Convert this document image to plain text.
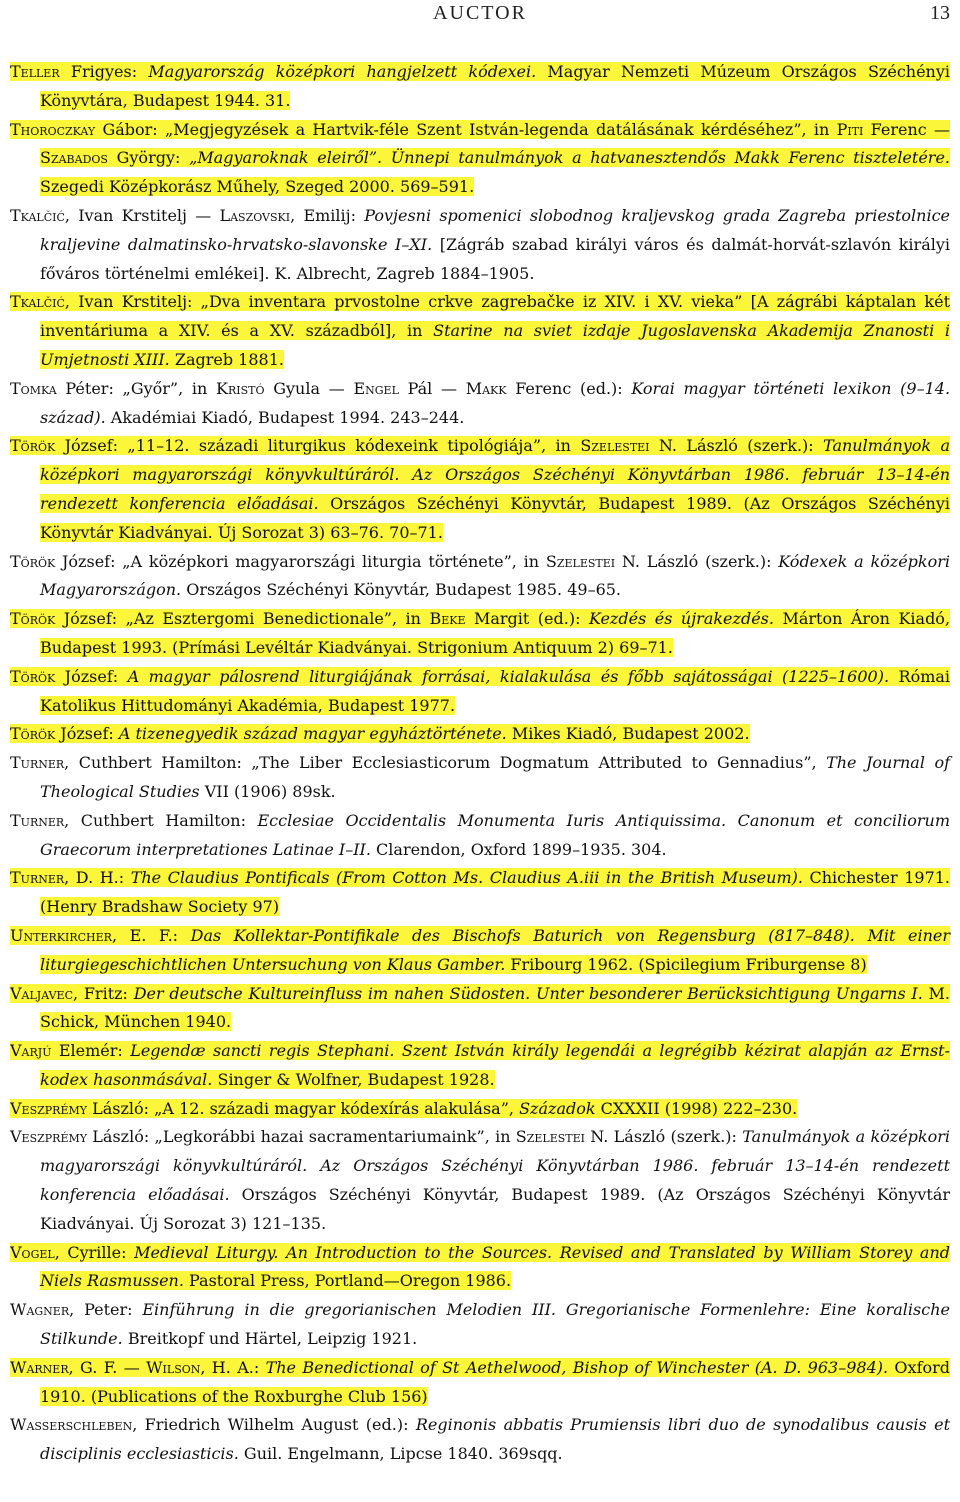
AUCTOR	13

Teller Frigyes: Magyarország középkori hangjelzett kódexei. Magyar Nemzeti Múzeum Országos Széchényi Könyvtára, Budapest 1944. 31.

Thoroczkay Gábor: „Megjegyzések a Hartvik-féle Szent István-legenda datálásának kérdéséhez”, in Piti Ferenc — Szabados György: „Magyaroknak eleiről”. Ünnepi tanulmányok a hatvanesztendős Makk Ferenc tiszteletére. Szegedi Középkorász Műhely, Szeged 2000. 569–591.

Tkalčić, Ivan Krstitelj — Laszovski, Emilij: Povjesni spomenici slobodnog kraljevskog grada Zagreba priestolnice kraljevine dalmatinsko-hrvatsko-slavonske I–XI. [Zágráb szabad királyi város és dalmát-horvát-szlavón királyi főváros történelmi emlékei]. K. Albrecht, Zagreb 1884–1905.

Tkalčić, Ivan Krstitelj: „Dva inventara prvostolne crkve zagrebačke iz XIV. i XV. vieka” [A zágrábi káptalan két inventáriuma a XIV. és a XV. századból], in Starine na sviet izdaje Jugoslavenska Akademija Znanosti i Umjetnosti XIII. Zagreb 1881.

Tomka Péter: „Győr”, in Kristó Gyula — Engel Pál — Makk Ferenc (ed.): Korai magyar történeti lexikon (9–14. század). Akadémiai Kiadó, Budapest 1994. 243–244.

Török József: „11–12. századi liturgikus kódexeink tipológiája”, in Szelestei N. László (szerk.): Tanulmányok a középkori magyarországi könyvkultúráról. Az Országos Széchényi Könyvtárban 1986. február 13–14-én rendezett konferencia előadásai. Országos Széchényi Könyvtár, Budapest 1989. (Az Országos Széchényi Könyvtár Kiadványai. Új Sorozat 3) 63–76. 70–71.

Török József: „A középkori magyarországi liturgia története”, in Szelestei N. László (szerk.): Kódexek a középkori Magyarországon. Országos Széchényi Könyvtár, Budapest 1985. 49–65.

Török József: „Az Esztergomi Benedictionale”, in Beke Margit (ed.): Kezdés és újrakezdés. Márton Áron Kiadó, Budapest 1993. (Prímási Levéltár Kiadványai. Strigonium Antiquum 2) 69–71.

Török József: A magyar pálosrend liturgiájának forrásai, kialakulása és főbb sajátosságai (1225–1600). Római Katolikus Hittudományi Akadémia, Budapest 1977.

Török József: A tizenegyedik század magyar egyháztörténete. Mikes Kiadó, Budapest 2002.

Turner, Cuthbert Hamilton: „The Liber Ecclesiasticorum Dogmatum Attributed to Gennadius”, The Journal of Theological Studies VII (1906) 89sk.

Turner, Cuthbert Hamilton: Ecclesiae Occidentalis Monumenta Iuris Antiquissima. Canonum et conciliorum Graecorum interpretationes Latinae I–II. Clarendon, Oxford 1899–1935. 304.

Turner, D. H.: The Claudius Pontificals (From Cotton Ms. Claudius A.iii in the British Museum). Chichester 1971. (Henry Bradshaw Society 97)

Unterkircher, E. F.: Das Kollektar-Pontifikale des Bischofs Baturich von Regensburg (817–848). Mit einer liturgiegeschichtlichen Untersuchung von Klaus Gamber. Fribourg 1962. (Spicilegium Friburgense 8)

Valjavec, Fritz: Der deutsche Kultureinfluss im nahen Südosten. Unter besonderer Berücksichtigung Ungarns I. M. Schick, München 1940.

Varjú Elemér: Legendæ sancti regis Stephani. Szent István király legendái a legrégibb kézirat alapján az Ernst-kodex hasonmásával. Singer & Wolfner, Budapest 1928.

Veszprémy László: „A 12. századi magyar kódexírás alakulása”, Századok CXXXII (1998) 222–230.

Veszprémy László: „Legkorábbi hazai sacramentariumaink”, in Szelestei N. László (szerk.): Tanulmányok a középkori magyarországi könyvkultúráról. Az Országos Széchényi Könyvtárban 1986. február 13–14-én rendezett konferencia előadásai. Országos Széchényi Könyvtár, Budapest 1989. (Az Országos Széchényi Könyvtár Kiadványai. Új Sorozat 3) 121–135.

Vogel, Cyrille: Medieval Liturgy. An Introduction to the Sources. Revised and Translated by William Storey and Niels Rasmussen. Pastoral Press, Portland—Oregon 1986.

Wagner, Peter: Einführung in die gregorianischen Melodien III. Gregorianische Formenlehre: Eine koralische Stilkunde. Breitkopf und Härtel, Leipzig 1921.

Warner, G. F. — Wilson, H. A.: The Benedictional of St Aethelwood, Bishop of Winchester (A. D. 963–984). Oxford 1910. (Publications of the Roxburghe Club 156)

Wasserschleben, Friedrich Wilhelm August (ed.): Reginonis abbatis Prumiensis libri duo de synodalibus causis et disciplinis ecclesiasticis. Guil. Engelmann, Lipcse 1840. 369sqq.
